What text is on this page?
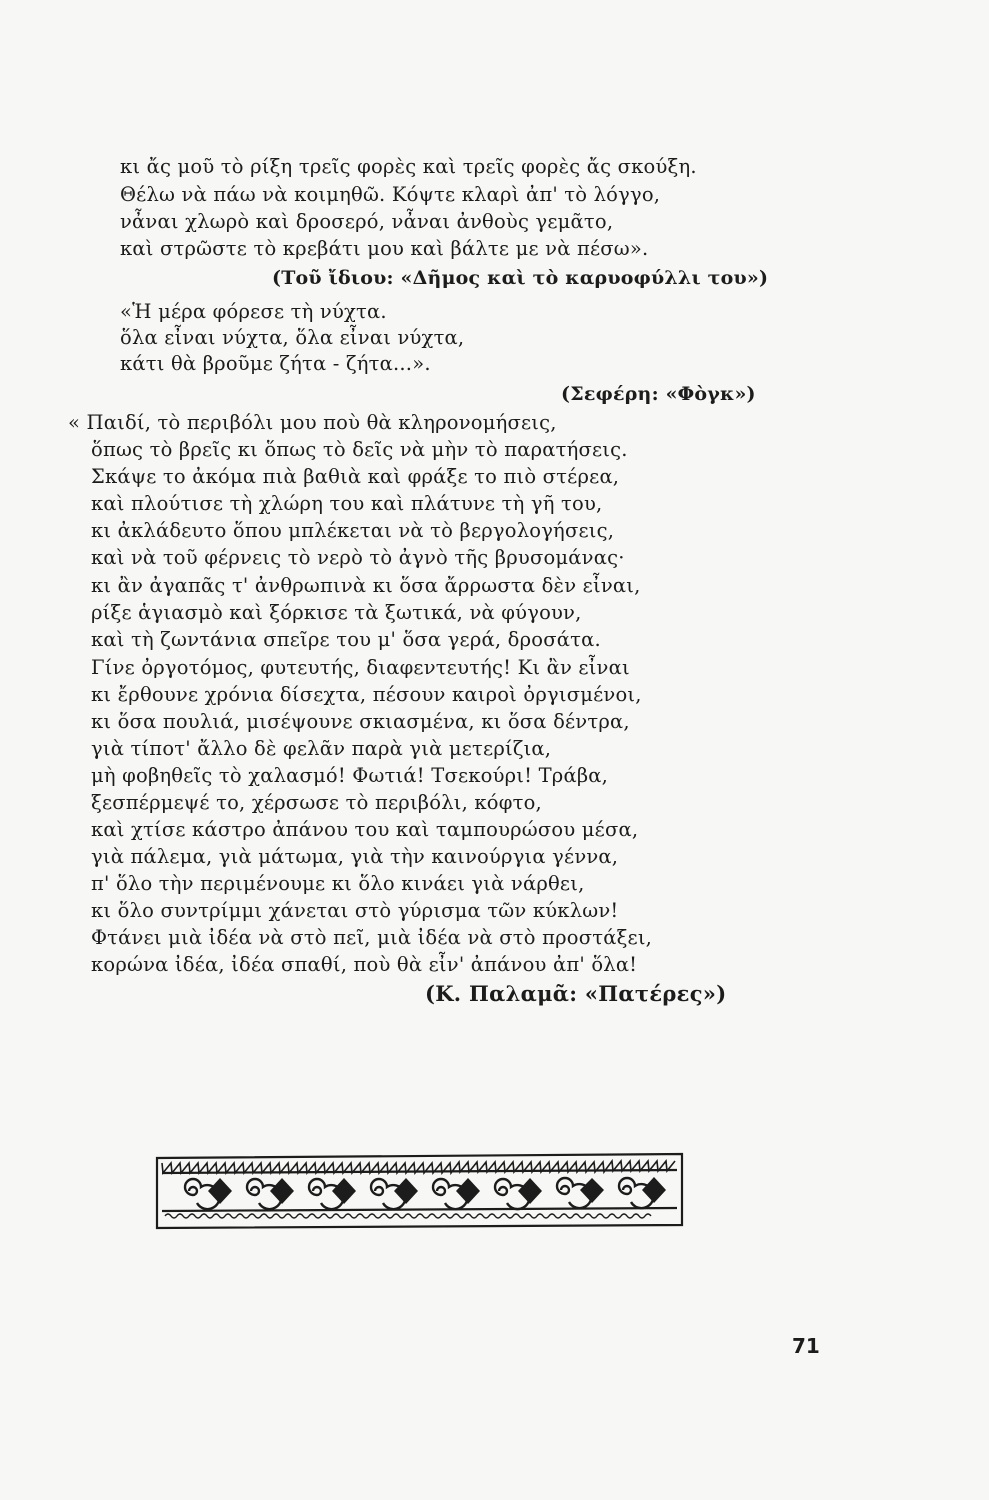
κι ἄς μοῦ τὸ ρίξη τρεῖς φορὲς καὶ τρεῖς φορὲς ἄς σκούξη.
Θέλω νὰ πάω νὰ κοιμηθῶ. Κόψτε κλαρὶ ἀπ' τὸ λόγγο,
νἆναι χλωρὸ καὶ δροσερό, νἆναι ἀνθοὺς γεμᾶτο,
καὶ στρῶστε τὸ κρεβάτι μου καὶ βάλτε με νὰ πέσω».
(Τοῦ ἴδιου: «Δῆμος καὶ τὸ καρυοφύλλι του»)
«Ἡ μέρα φόρεσε τὴ νύχτα.
ὅλα εἶναι νύχτα, ὅλα εἶναι νύχτα,
κάτι θὰ βροῦμε ζήτα - ζήτα...».
(Σεφέρη: «Φὸγκ»)
« Παιδί, τὸ περιβόλι μου ποὺ θὰ κληρονομήσεις,
ὅπως τὸ βρεῖς κι ὅπως τὸ δεῖς νὰ μὴν τὸ παρατήσεις.
Σκάψε το ἀκόμα πιὰ βαθιὰ καὶ φράξε το πιὸ στέρεα,
καὶ πλούτισε τὴ χλώρη του καὶ πλάτυνε τὴ γῆ του,
κι ἀκλάδευτο ὅπου μπλέκεται νὰ τὸ βεργολογήσεις,
καὶ νὰ τοῦ φέρνεις τὸ νερὸ τὸ ἀγνὸ τῆς βρυσομάνας·
κι ἂν ἀγαπᾶς τ' ἀνθρωπινὰ κι ὅσα ἄρρωστα δὲν εἶναι,
ρίξε ἁγιασμὸ καὶ ξόρκισε τὰ ξωτικά, νὰ φύγουν,
καὶ τὴ ζωντάνια σπεῖρε του μ' ὅσα γερά, δροσάτα.
Γίνε ὀργοτόμος, φυτευτής, διαφεντευτής! Κι ἂν εἶναι
κι ἔρθουνε χρόνια δίσεχτα, πέσουν καιροὶ ὀργισμένοι,
κι ὅσα πουλιά, μισέψουνε σκιασμένα, κι ὅσα δέντρα,
γιὰ τίποτ' ἄλλο δὲ φελᾶν παρὰ γιὰ μετερίζια,
μὴ φοβηθεῖς τὸ χαλασμό! Φωτιά! Τσεκούρι! Τράβα,
ξεσπέρμεψέ το, χέρσωσε τὸ περιβόλι, κόφτο,
καὶ χτίσε κάστρο ἀπάνου του καὶ ταμπουρώσου μέσα,
γιὰ πάλεμα, γιὰ μάτωμα, γιὰ τὴν καινούργια γέννα,
π' ὅλο τὴν περιμένουμε κι ὅλο κινάει γιὰ νάρθει,
κι ὅλο συντρίμμι χάνεται στὸ γύρισμα τῶν κύκλων!
Φτάνει μιὰ ἰδέα νὰ στὸ πεῖ, μιὰ ἰδέα νὰ στὸ προστάξει,
κορώνα ἰδέα, ἰδέα σπαθί, ποὺ θὰ εἶν' ἀπάνου ἀπ' ὅλα!
(Κ. Παλαμᾶ: «Πατέρες»)
71
